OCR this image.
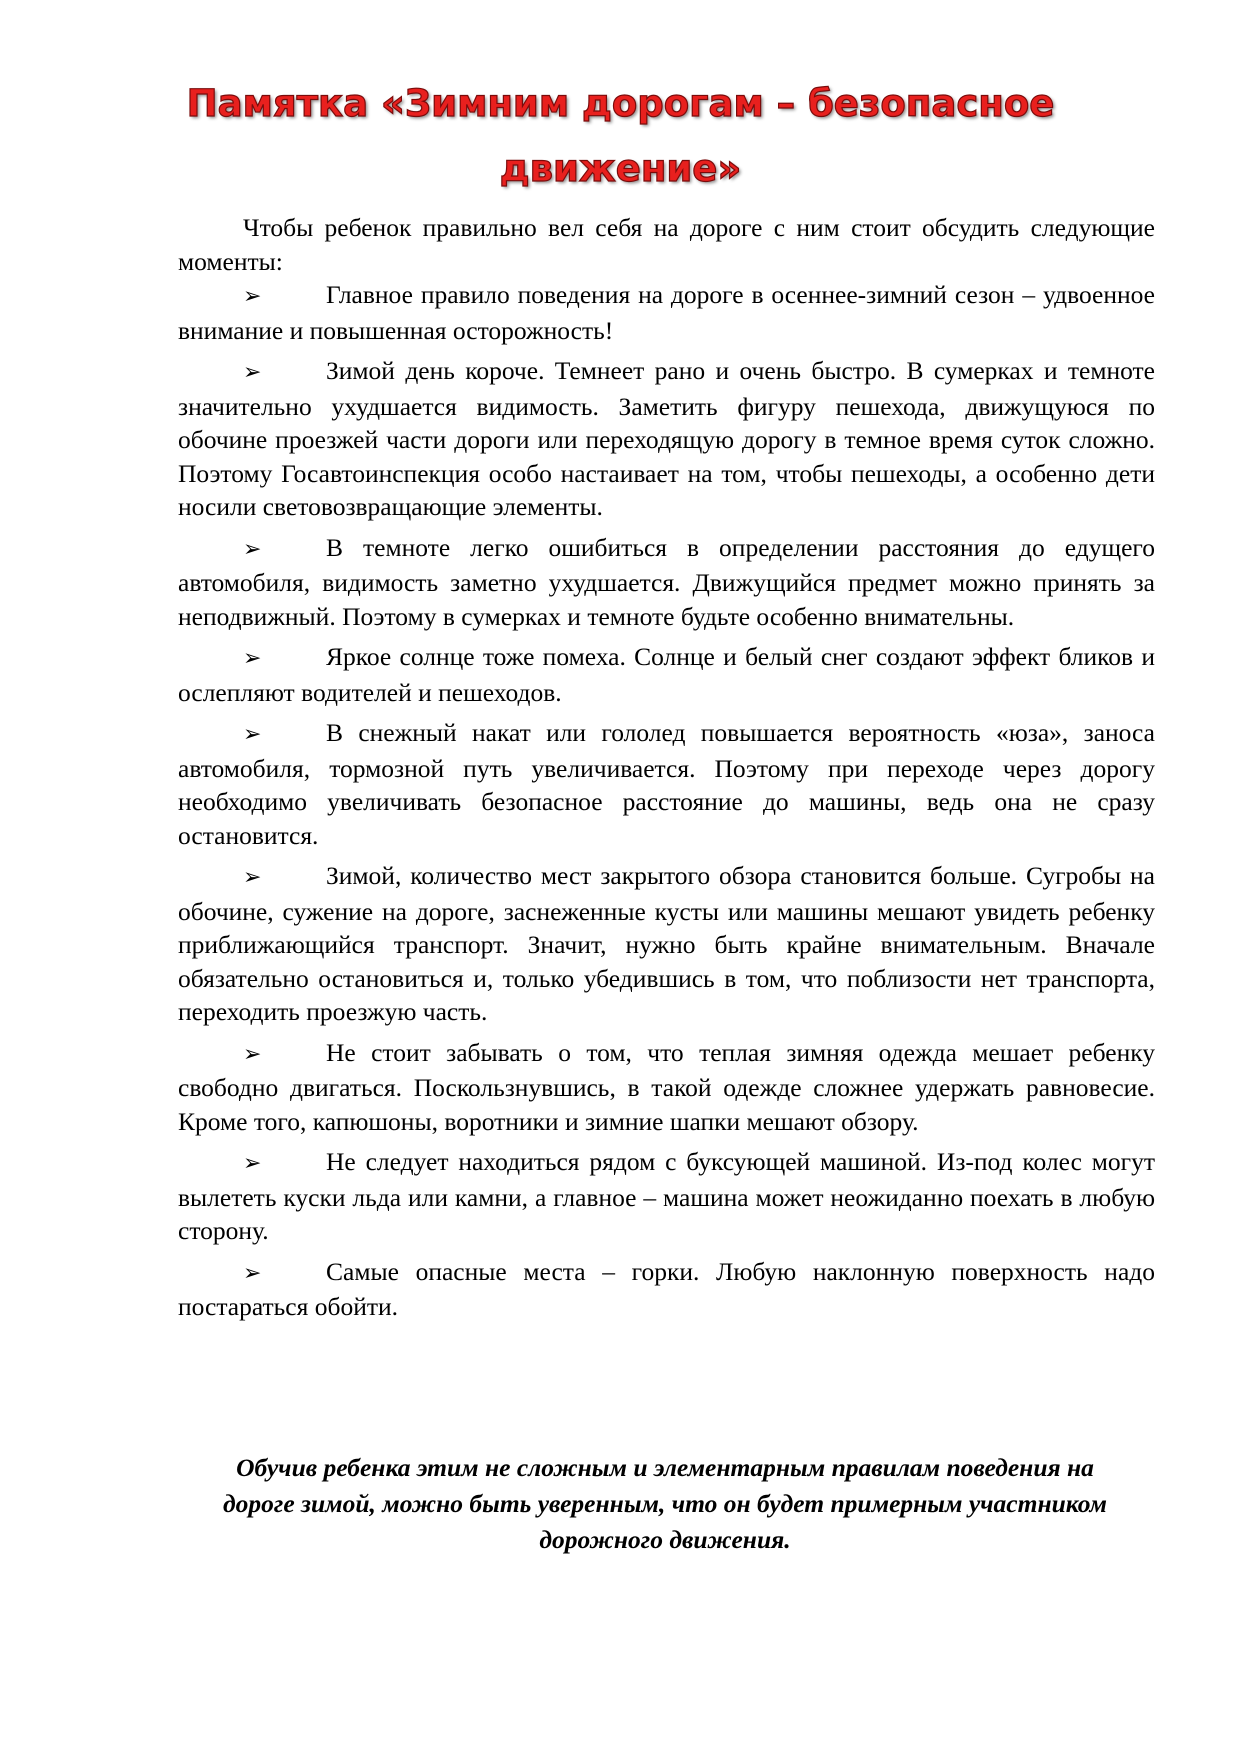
Памятка «Зимним дорогам – безопасное
движение»

Чтобы ребенок правильно вел себя на дороге с ним стоит обсудить следующие моменты:

➢	Главное правило поведения на дороге в осеннее-зимний сезон – удвоенное внимание и повышенная осторожность!
➢	Зимой день короче. Темнеет рано и очень быстро. В сумерках и темноте значительно ухудшается видимость. Заметить фигуру пешехода, движущуюся по обочине проезжей части дороги или переходящую дорогу в темное время суток сложно. Поэтому Госавтоинспекция особо настаивает на том, чтобы пешеходы, а особенно дети носили световозвращающие элементы.
➢	В темноте легко ошибиться в определении расстояния до едущего автомобиля, видимость заметно ухудшается. Движущийся предмет можно принять за неподвижный. Поэтому в сумерках и темноте будьте особенно внимательны.
➢	Яркое солнце тоже помеха. Солнце и белый снег создают эффект бликов и ослепляют водителей и пешеходов.
➢	В снежный накат или гололед повышается вероятность «юза», заноса автомобиля, тормозной путь увеличивается. Поэтому при переходе через дорогу необходимо увеличивать безопасное расстояние до машины, ведь она не сразу остановится.
➢	Зимой, количество мест закрытого обзора становится больше. Сугробы на обочине, сужение на дороге, заснеженные кусты или машины мешают увидеть ребенку приближающийся транспорт. Значит, нужно быть крайне внимательным. Вначале обязательно остановиться и, только убедившись в том, что поблизости нет транспорта, переходить проезжую часть.
➢	Не стоит забывать о том, что теплая зимняя одежда мешает ребенку свободно двигаться. Поскользнувшись, в такой одежде сложнее удержать равновесие. Кроме того, капюшоны, воротники и зимние шапки мешают обзору.
➢	Не следует находиться рядом с буксующей машиной. Из-под колес могут вылететь куски льда или камни, а главное – машина может неожиданно поехать в любую сторону.
➢	Самые опасные места – горки. Любую наклонную поверхность надо постараться обойти.

Обучив ребенка этим не сложным и элементарным правилам поведения на дороге зимой, можно быть уверенным, что он будет примерным участником дорожного движения.
